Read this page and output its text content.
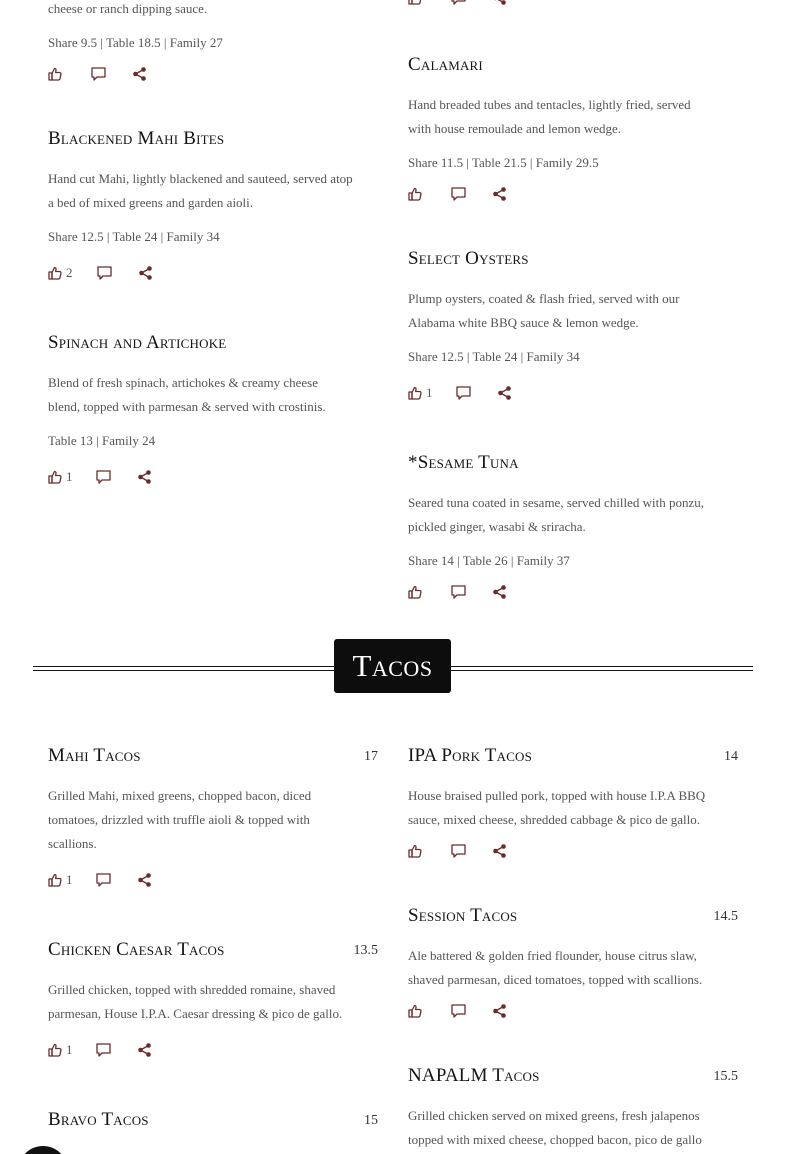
cheese or ranch dipping sauce.
Share 9.5 | Table 18.5 | Family 27
Blackened Mahi Bites
Hand cut Mahi, lightly blackened and sauteed, served atop
a bed of mixed greens and garden aioli.
Share 12.5 | Table 24 | Family 34
2
Spinach and Artichoke
Blend of fresh spinach, artichokes & creamy cheese
blend, topped with parmesan & served with crostinis.
Table 13 | Family 24
1
Calamari
Hand breaded tubes and tentacles, lightly fried, served
with house remoulade and lemon wedge.
Share 11.5 | Table 21.5 | Family 29.5
Select Oysters
Plump oysters, coated & flash fried, served with our
Alabama white BBQ sauce & lemon wedge.
Share 12.5 | Table 24 | Family 34
1
*Sesame Tuna
Seared tuna coated in sesame, served chilled with ponzu,
pickled ginger, wasabi & sriracha.
Share 14 | Table 26 | Family 37
Tacos
Mahi Tacos	17
Grilled Mahi, mixed greens, chopped bacon, diced
tomatoes, drizzled with truffle aioli & topped with
scallions.
1
Chicken Caesar Tacos	13.5
Grilled chicken, topped with shredded romaine, shaved
parmesan, House I.P.A. Caesar dressing & pico de gallo.
1
Bravo Tacos	15
IPA Pork Tacos	14
House braised pulled pork, topped with house I.P.A BBQ
sauce, mixed cheese, shredded cabbage & pico de gallo.
Session Tacos	14.5
Ale battered & golden fried flounder, house citrus slaw,
shaved parmesan, diced tomatoes, topped with scallions.
NAPALM Tacos	15.5
Grilled chicken served on mixed greens, fresh jalapenos
topped with mixed cheese, chopped bacon, pico de gallo
